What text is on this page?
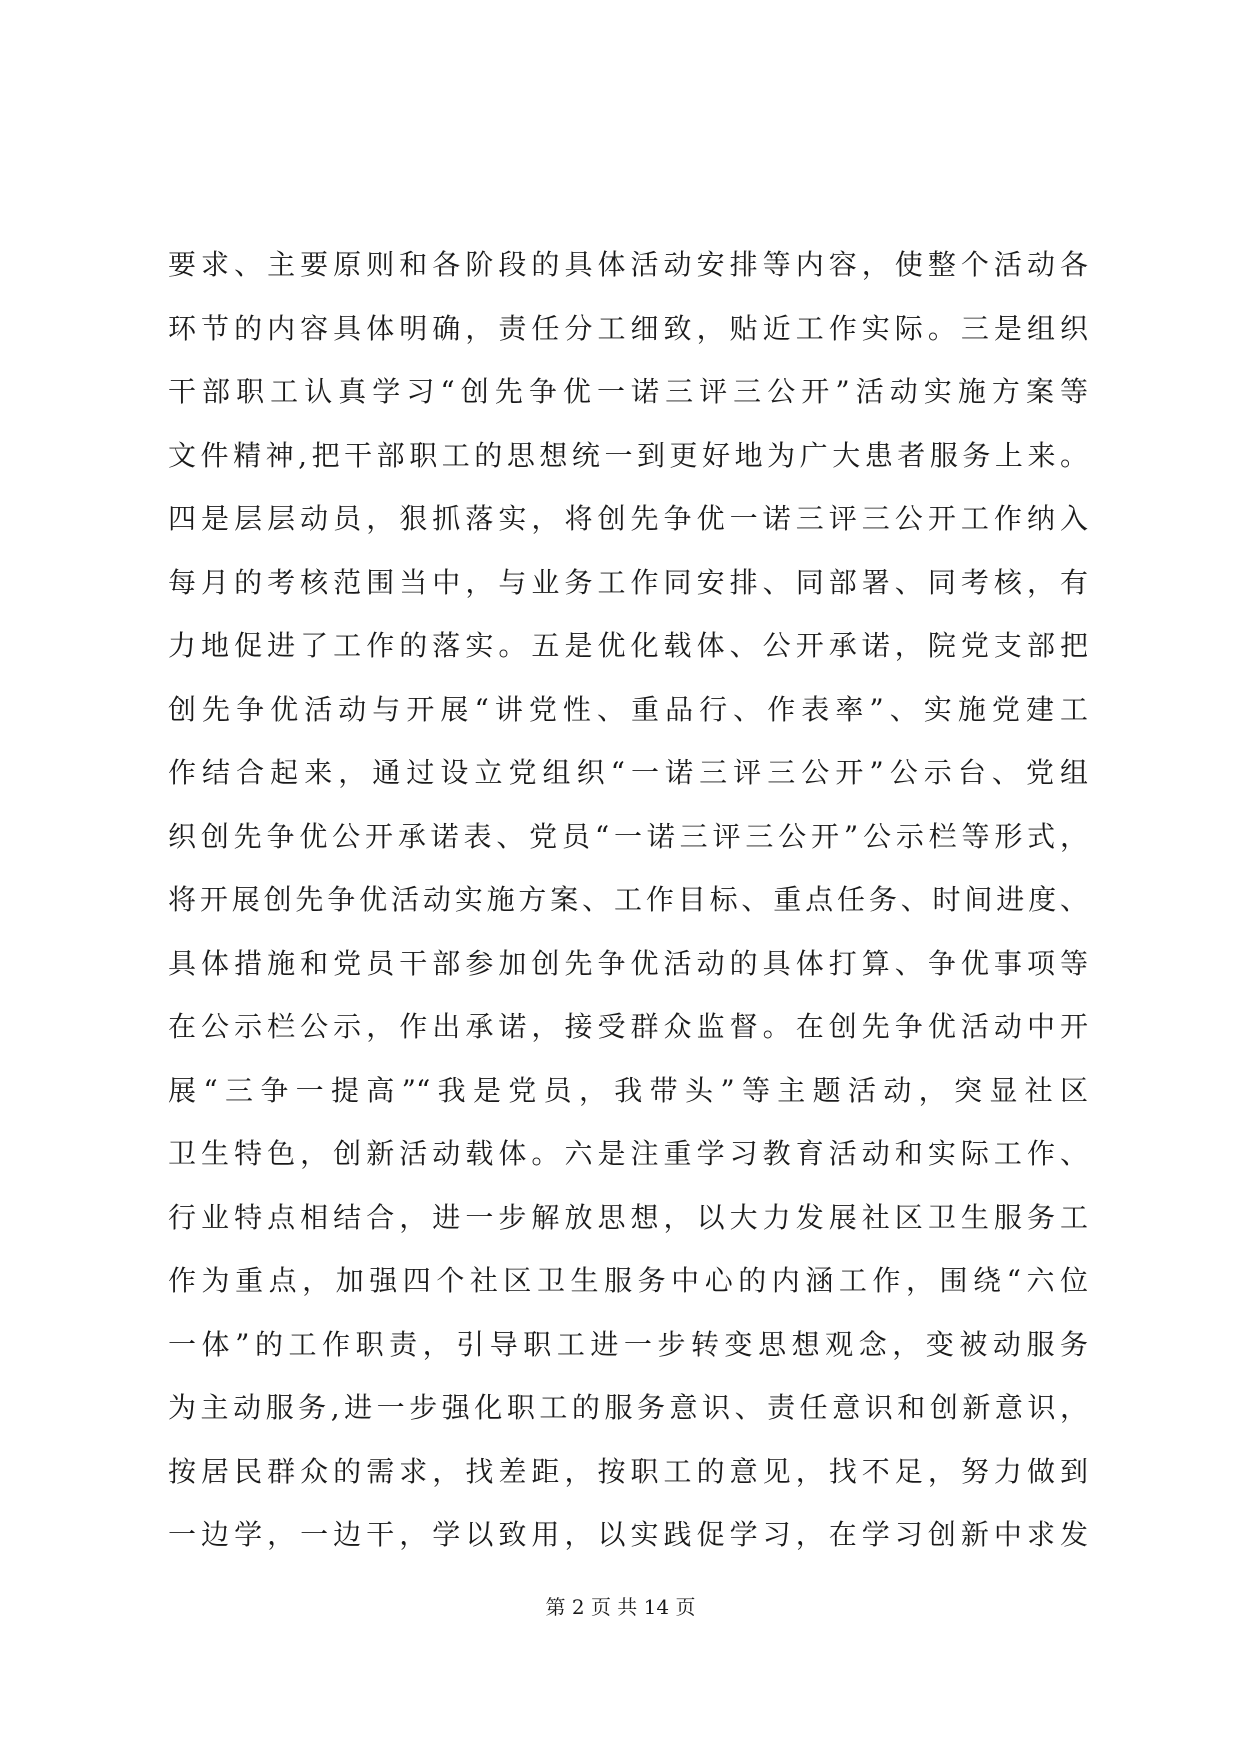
要求、主要原则和各阶段的具体活动安排等内容，使整个活动各
环节的内容具体明确，责任分工细致，贴近工作实际。三是组织
干部职工认真学习“创先争优一诺三评三公开”活动实施方案等
文件精神,把干部职工的思想统一到更好地为广大患者服务上来。
四是层层动员，狠抓落实，将创先争优一诺三评三公开工作纳入
每月的考核范围当中，与业务工作同安排、同部署、同考核，有
力地促进了工作的落实。五是优化载体、公开承诺，院党支部把
创先争优活动与开展“讲党性、重品行、作表率”、实施党建工
作结合起来，通过设立党组织“一诺三评三公开”公示台、党组
织创先争优公开承诺表、党员“一诺三评三公开”公示栏等形式，
将开展创先争优活动实施方案、工作目标、重点任务、时间进度、
具体措施和党员干部参加创先争优活动的具体打算、争优事项等
在公示栏公示，作出承诺，接受群众监督。在创先争优活动中开
展“三争一提高”“我是党员，我带头”等主题活动，突显社区
卫生特色，创新活动载体。六是注重学习教育活动和实际工作、
行业特点相结合，进一步解放思想，以大力发展社区卫生服务工
作为重点，加强四个社区卫生服务中心的内涵工作，围绕“六位
一体”的工作职责，引导职工进一步转变思想观念，变被动服务
为主动服务,进一步强化职工的服务意识、责任意识和创新意识，
按居民群众的需求，找差距，按职工的意见，找不足，努力做到
一边学，一边干，学以致用，以实践促学习，在学习创新中求发
第 2 页 共 14 页
